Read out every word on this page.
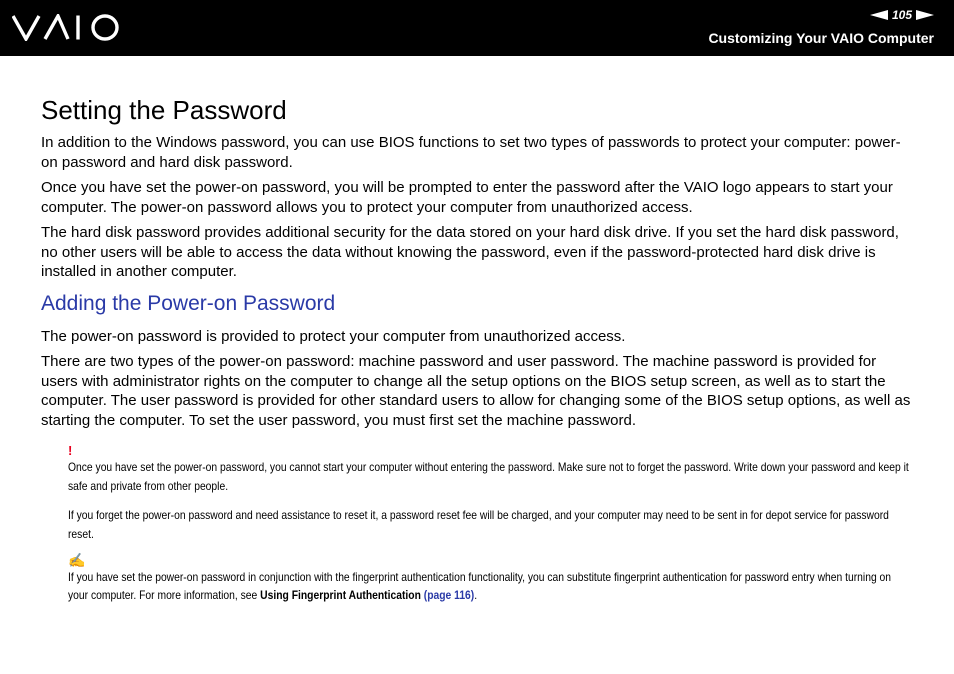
105
Customizing Your VAIO Computer
Setting the Password

In addition to the Windows password, you can use BIOS functions to set two types of passwords to protect your computer: power-on password and hard disk password.

Once you have set the power-on password, you will be prompted to enter the password after the VAIO logo appears to start your computer. The power-on password allows you to protect your computer from unauthorized access.

The hard disk password provides additional security for the data stored on your hard disk drive. If you set the hard disk password, no other users will be able to access the data without knowing the password, even if the password-protected hard disk drive is installed in another computer.

Adding the Power-on Password

The power-on password is provided to protect your computer from unauthorized access.

There are two types of the power-on password: machine password and user password. The machine password is provided for users with administrator rights on the computer to change all the setup options on the BIOS setup screen, as well as to start the computer. The user password is provided for other standard users to allow for changing some of the BIOS setup options, as well as starting the computer. To set the user password, you must first set the machine password.

!

Once you have set the power-on password, you cannot start your computer without entering the password. Make sure not to forget the password. Write down your password and keep it safe and private from other people.

If you forget the power-on password and need assistance to reset it, a password reset fee will be charged, and your computer may need to be sent in for depot service for password reset.

✍

If you have set the power-on password in conjunction with the fingerprint authentication functionality, you can substitute fingerprint authentication for password entry when turning on your computer. For more information, see Using Fingerprint Authentication (page 116).
